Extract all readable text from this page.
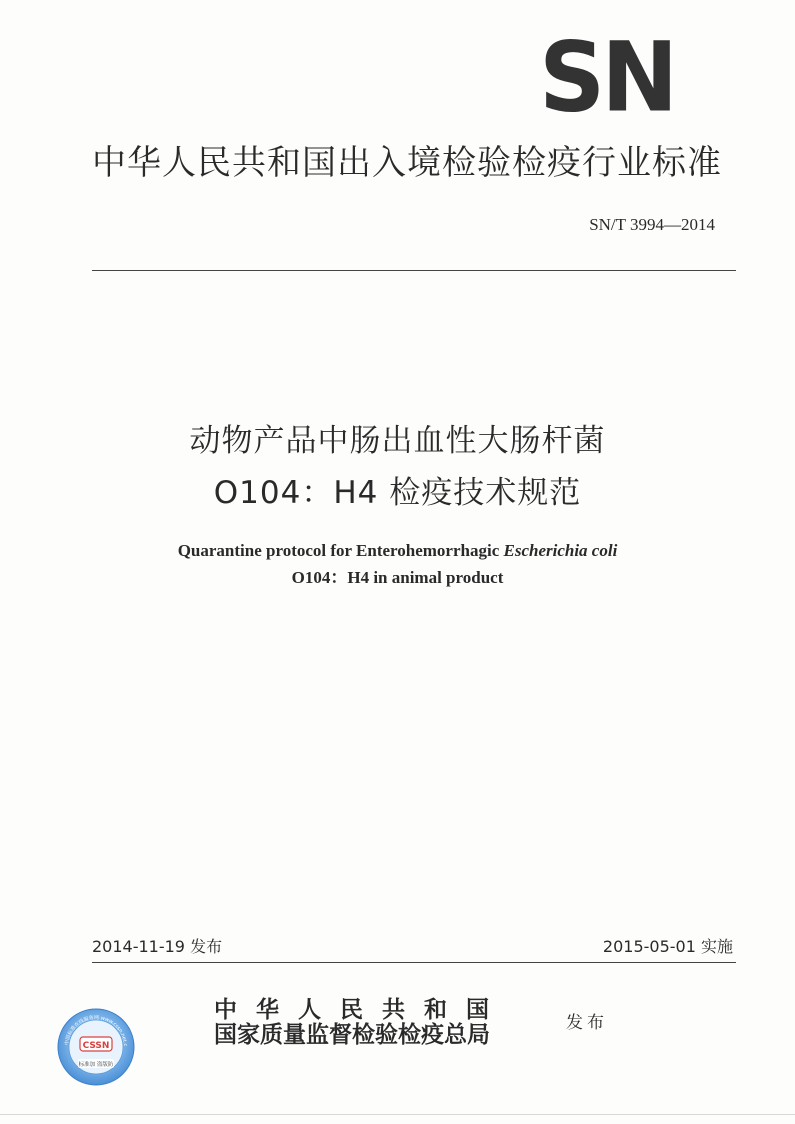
SN
中华人民共和国出入境检验检疫行业标准
SN/T 3994—2014
动物产品中肠出血性大肠杆菌
O104：H4 检疫技术规范
Quarantine protocol for Enterohemorrhagic Escherichia coli
O104：H4 in animal product
2014-11-19 发布	2015-05-01 实施
中国标准在线服务网 www.cssn.net.c
CSSN
标准加 盗版防
中华人民共和国
国家质量监督检验检疫总局	发布
